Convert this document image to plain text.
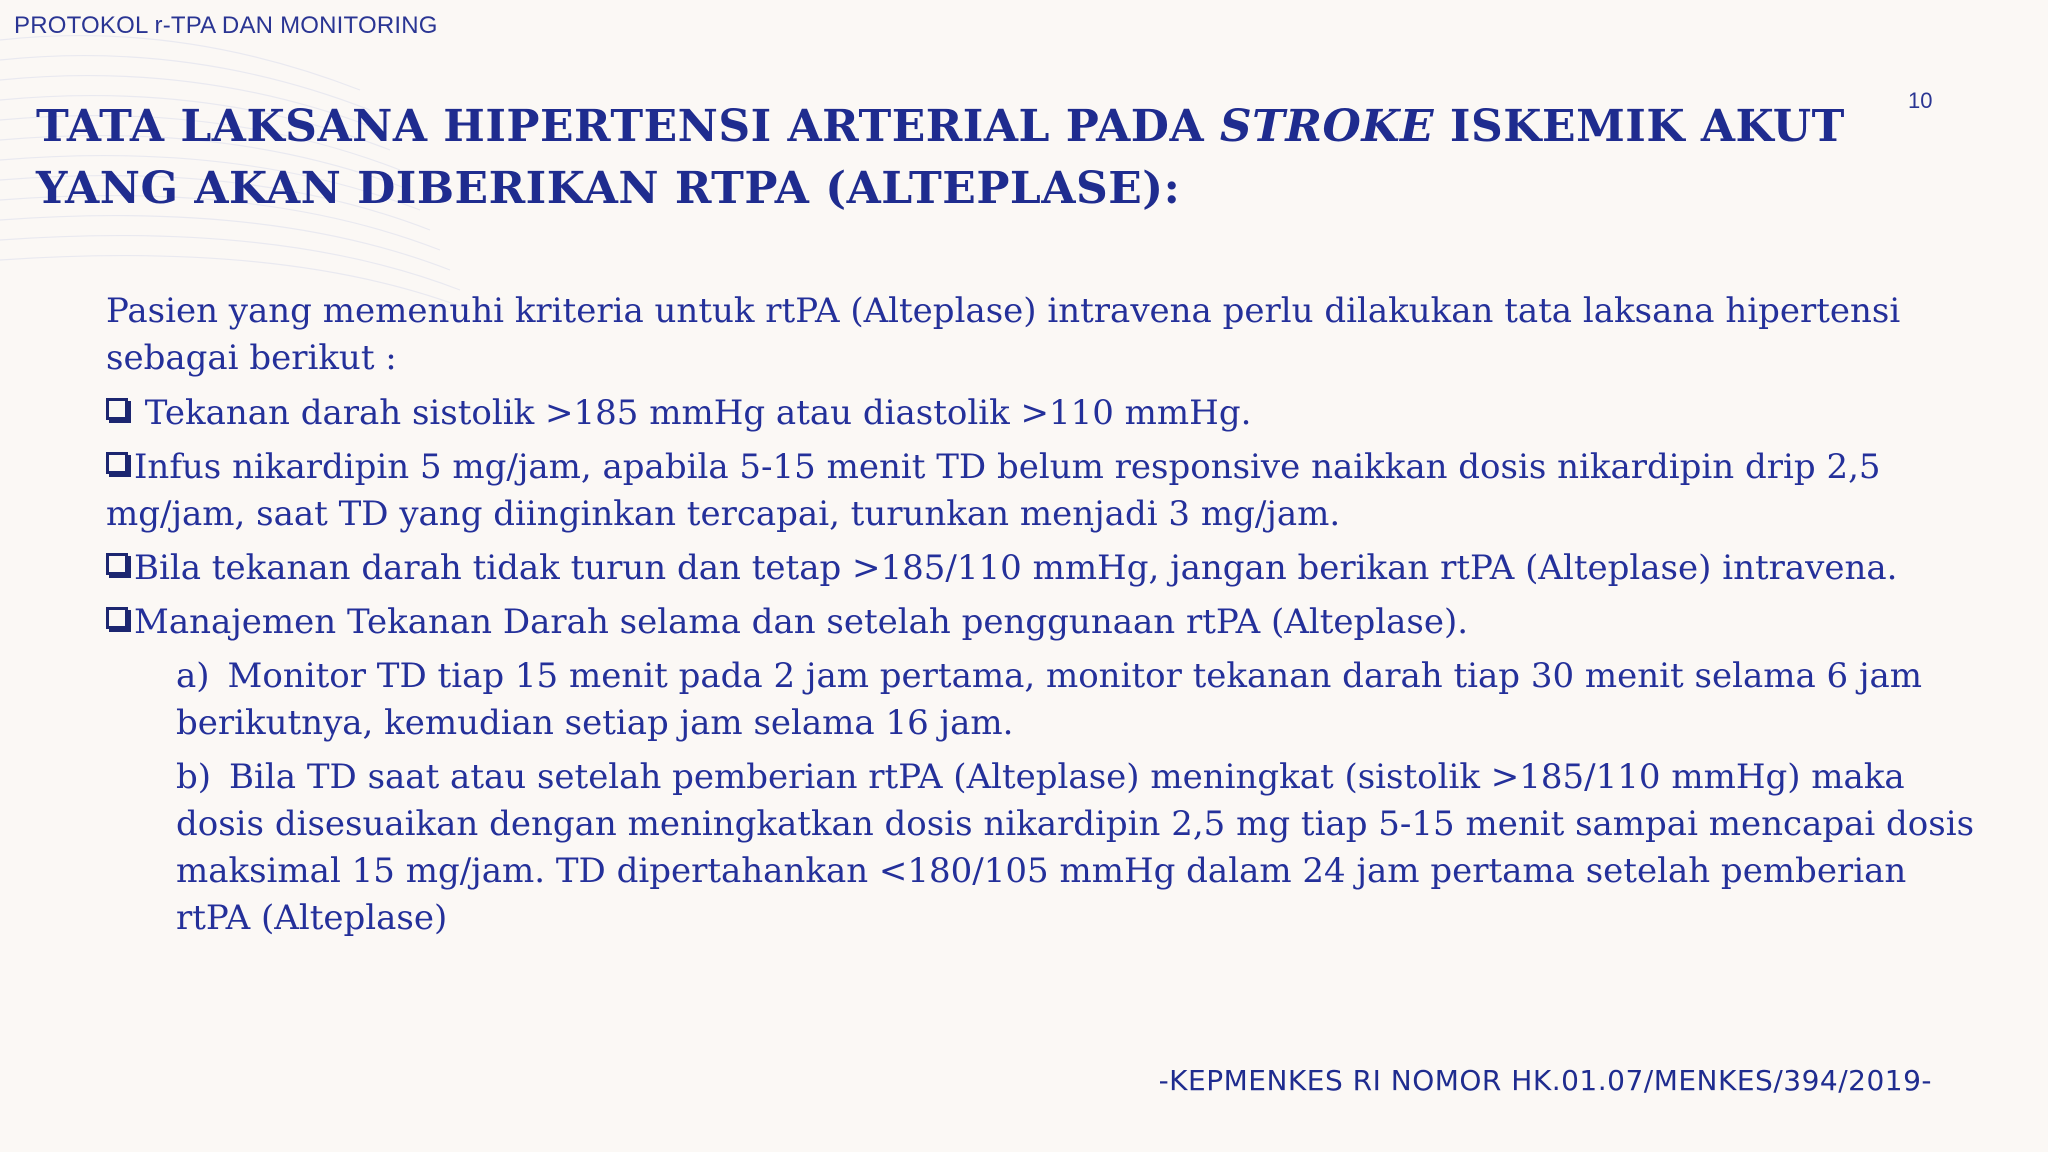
PROTOKOL r-TPA DAN MONITORING
10
TATA LAKSANA HIPERTENSI ARTERIAL PADA STROKE ISKEMIK AKUT
YANG AKAN DIBERIKAN RTPA (ALTEPLASE):

Pasien yang memenuhi kriteria untuk rtPA (Alteplase) intravena perlu dilakukan tata laksana hipertensi sebagai berikut :

Tekanan darah sistolik >185 mmHg atau diastolik >110 mmHg.

Infus nikardipin 5 mg/jam, apabila 5-15 menit TD belum responsive naikkan dosis nikardipin drip 2,5 mg/jam, saat TD yang diinginkan tercapai, turunkan menjadi 3 mg/jam.

Bila tekanan darah tidak turun dan tetap >185/110 mmHg, jangan berikan rtPA (Alteplase) intravena.

Manajemen Tekanan Darah selama dan setelah penggunaan rtPA (Alteplase).

a) Monitor TD tiap 15 menit pada 2 jam pertama, monitor tekanan darah tiap 30 menit selama 6 jam berikutnya, kemudian setiap jam selama 16 jam.

b) Bila TD saat atau setelah pemberian rtPA (Alteplase) meningkat (sistolik >185/110 mmHg) maka dosis disesuaikan dengan meningkatkan dosis nikardipin 2,5 mg tiap 5-15 menit sampai mencapai dosis maksimal 15 mg/jam. TD dipertahankan <180/105 mmHg dalam 24 jam pertama setelah pemberian rtPA (Alteplase)

-KEPMENKES RI NOMOR HK.01.07/MENKES/394/2019-
